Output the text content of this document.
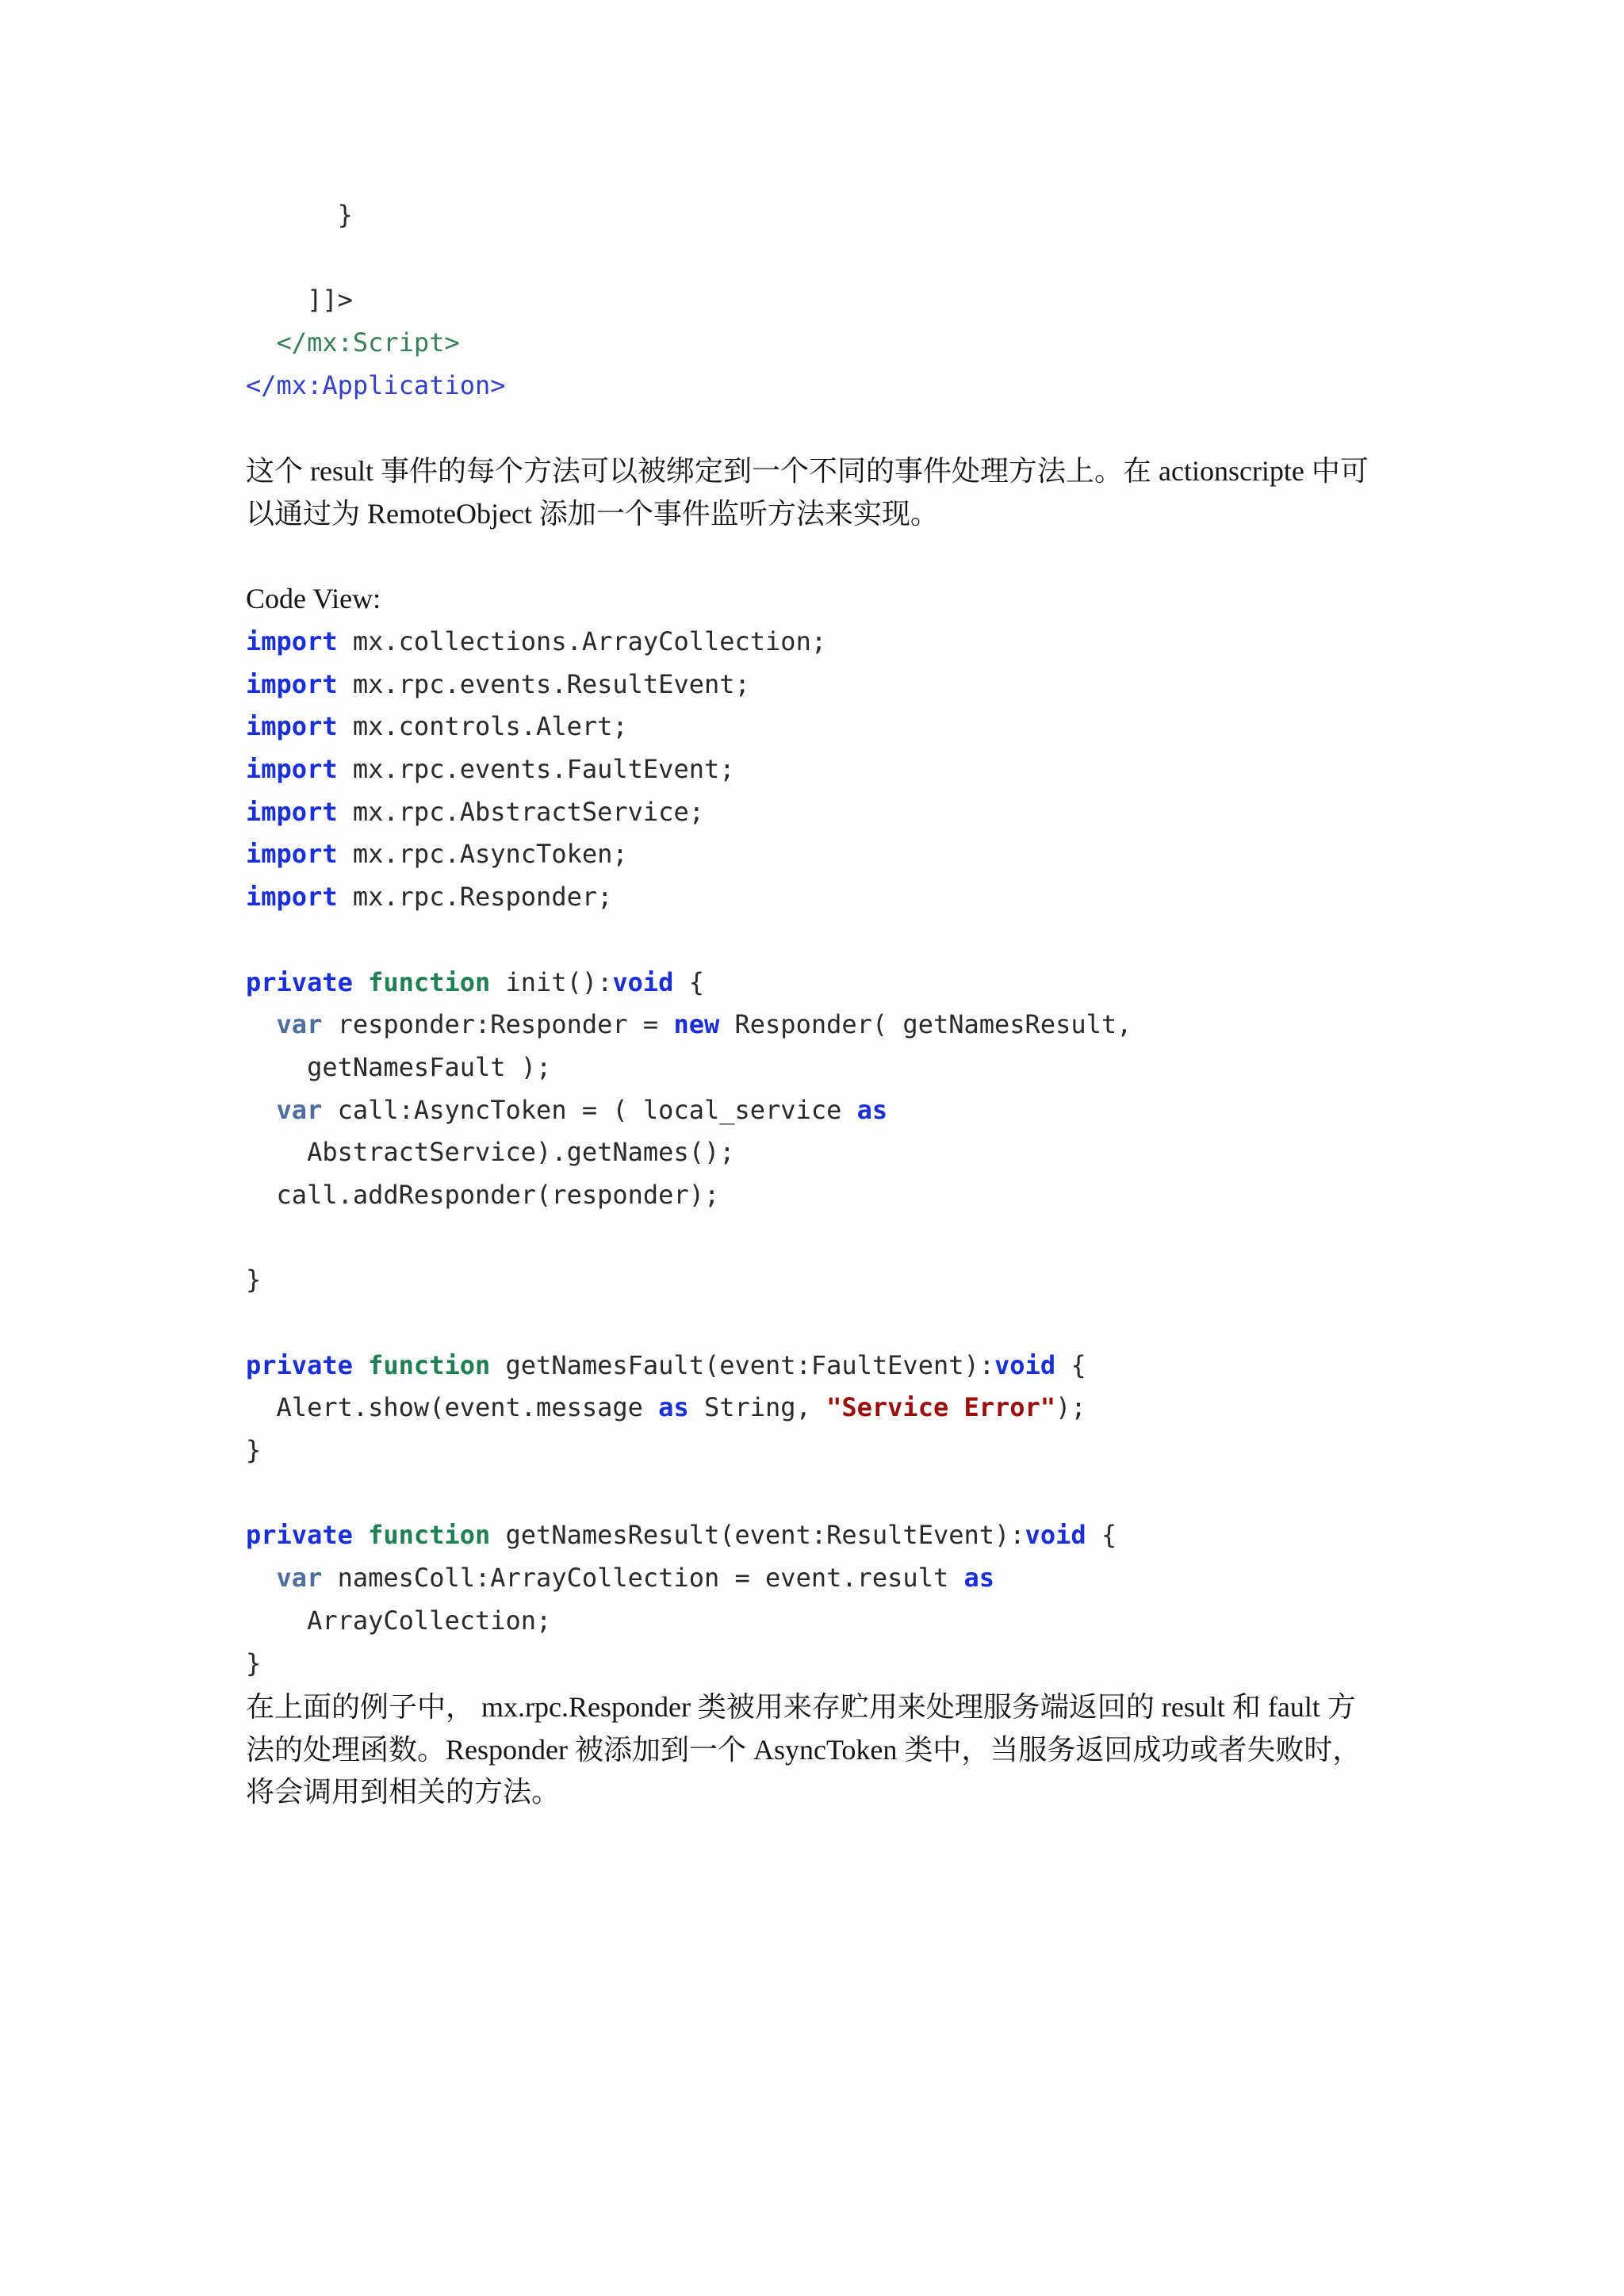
}

]]>
</mx:Script>
</mx:Application>

这个 result 事件的每个方法可以被绑定到一个不同的事件处理方法上。在 actionscripte 中可
以通过为 RemoteObject 添加一个事件监听方法来实现。

Code View:

import mx.collections.ArrayCollection;
import mx.rpc.events.ResultEvent;
import mx.controls.Alert;
import mx.rpc.events.FaultEvent;
import mx.rpc.AbstractService;
import mx.rpc.AsyncToken;
import mx.rpc.Responder;

private function init():void {
var responder:Responder = new Responder( getNamesResult,
getNamesFault );
var call:AsyncToken = ( local_service as
AbstractService).getNames();
call.addResponder(responder);

}

private function getNamesFault(event:FaultEvent):void {
Alert.show(event.message as String, "Service Error");
}

private function getNamesResult(event:ResultEvent):void {
var namesColl:ArrayCollection = event.result as
ArrayCollection;
}

在上面的例子中， mx.rpc.Responder 类被用来存贮用来处理服务端返回的 result 和 fault 方
法的处理函数。Responder 被添加到一个 AsyncToken 类中，当服务返回成功或者失败时，
将会调用到相关的方法。
